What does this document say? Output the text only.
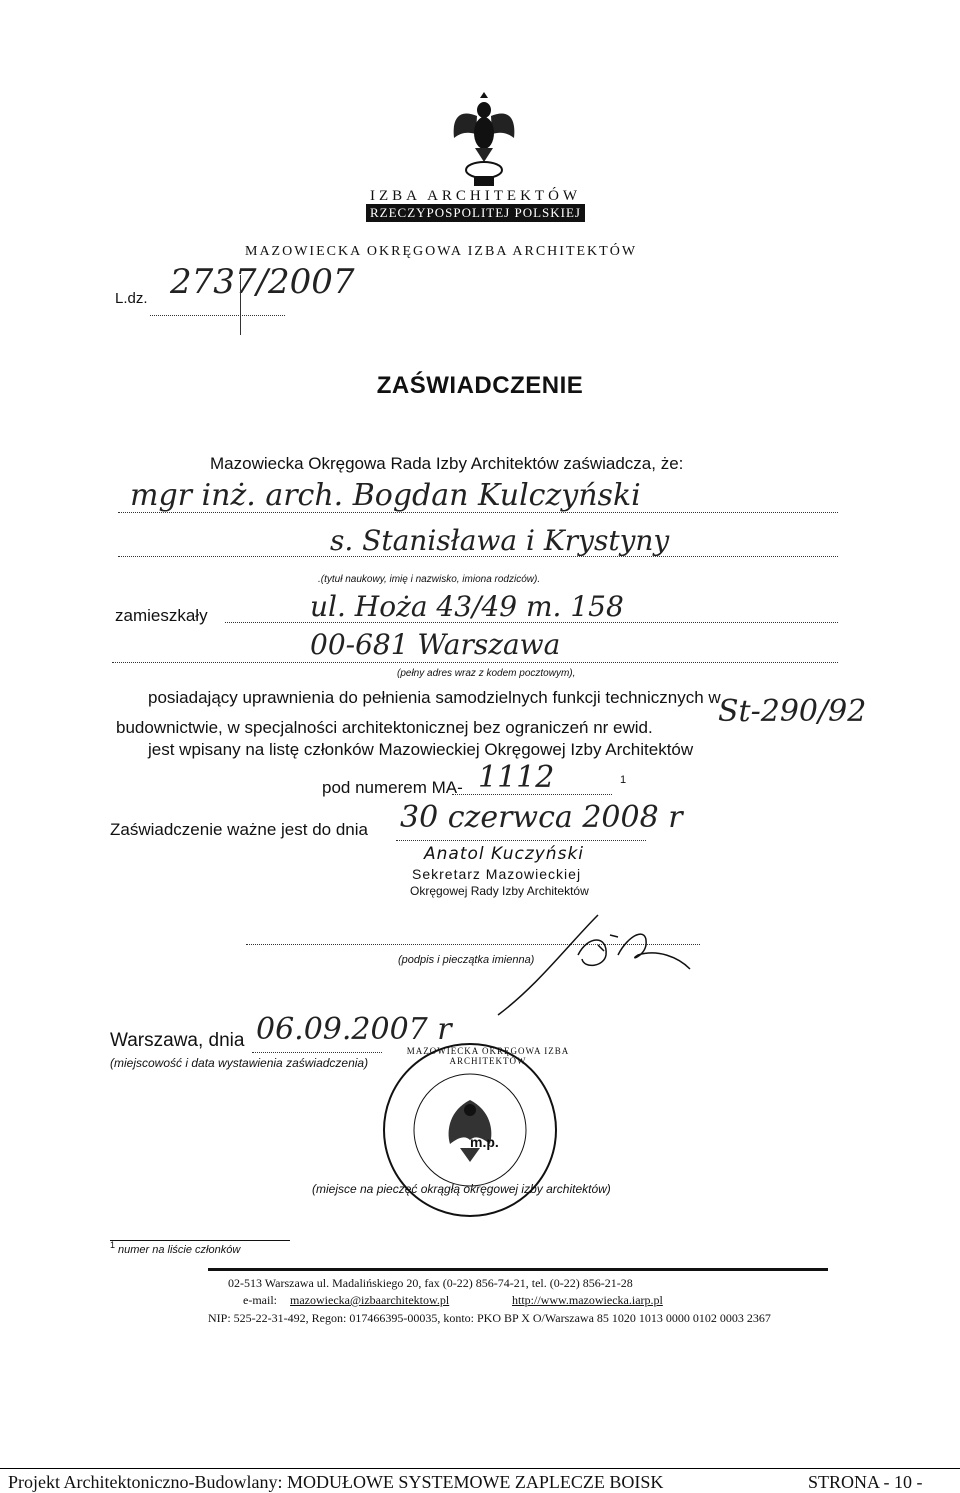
IZBA ARCHITEKTÓW
RZECZYPOSPOLITEJ POLSKIEJ
MAZOWIECKA OKRĘGOWA IZBA ARCHITEKTÓW
L.dz. 2737/2007
ZAŚWIADCZENIE
Mazowiecka Okręgowa Rada Izby Architektów zaświadcza, że:
mgr inż. arch. Bogdan Kulczyński
s. Stanisława i Krystyny
.(tytuł naukowy, imię i nazwisko, imiona rodziców).
zamieszkały	ul. Hoża 43/49 m. 158
00-681 Warszawa
(pełny adres wraz z kodem pocztowym),
posiadający uprawnienia do pełnienia samodzielnych funkcji technicznych w
budownictwie, w specjalności architektonicznej bez ograniczeń nr ewid. St-290/92
jest wpisany na listę członków Mazowieckiej Okręgowej Izby Architektów
pod numerem MA- 1112	1
Zaświadczenie ważne jest do dnia 30 czerwca 2008 r
Anatol Kuczyński
Sekretarz Mazowieckiej
Okręgowej Rady Izby Architektów
(podpis i pieczątka imienna)
Warszawa, dnia 06.09.2007 r
(miejscowość i data wystawienia zaświadczenia)
m.p.
MAZOWIECKA OKRĘGOWA IZBA ARCHITEKTÓW
(miejsce na pieczęć okrągłą okręgowej izby architektów)
1 numer na liście członków
02-513 Warszawa ul. Madalińskiego 20, fax (0-22) 856-74-21, tel. (0-22) 856-21-28
e-mail: mazowiecka@izbaarchitektow.pl	http://www.mazowiecka.iarp.pl
NIP: 525-22-31-492, Regon: 017466395-00035, konto: PKO BP X O/Warszawa 85 1020 1013 0000 0102 0003 2367
Projekt Architektoniczno-Budowlany: MODUŁOWE SYSTEMOWE ZAPLECZE BOISK	STRONA - 10 -
